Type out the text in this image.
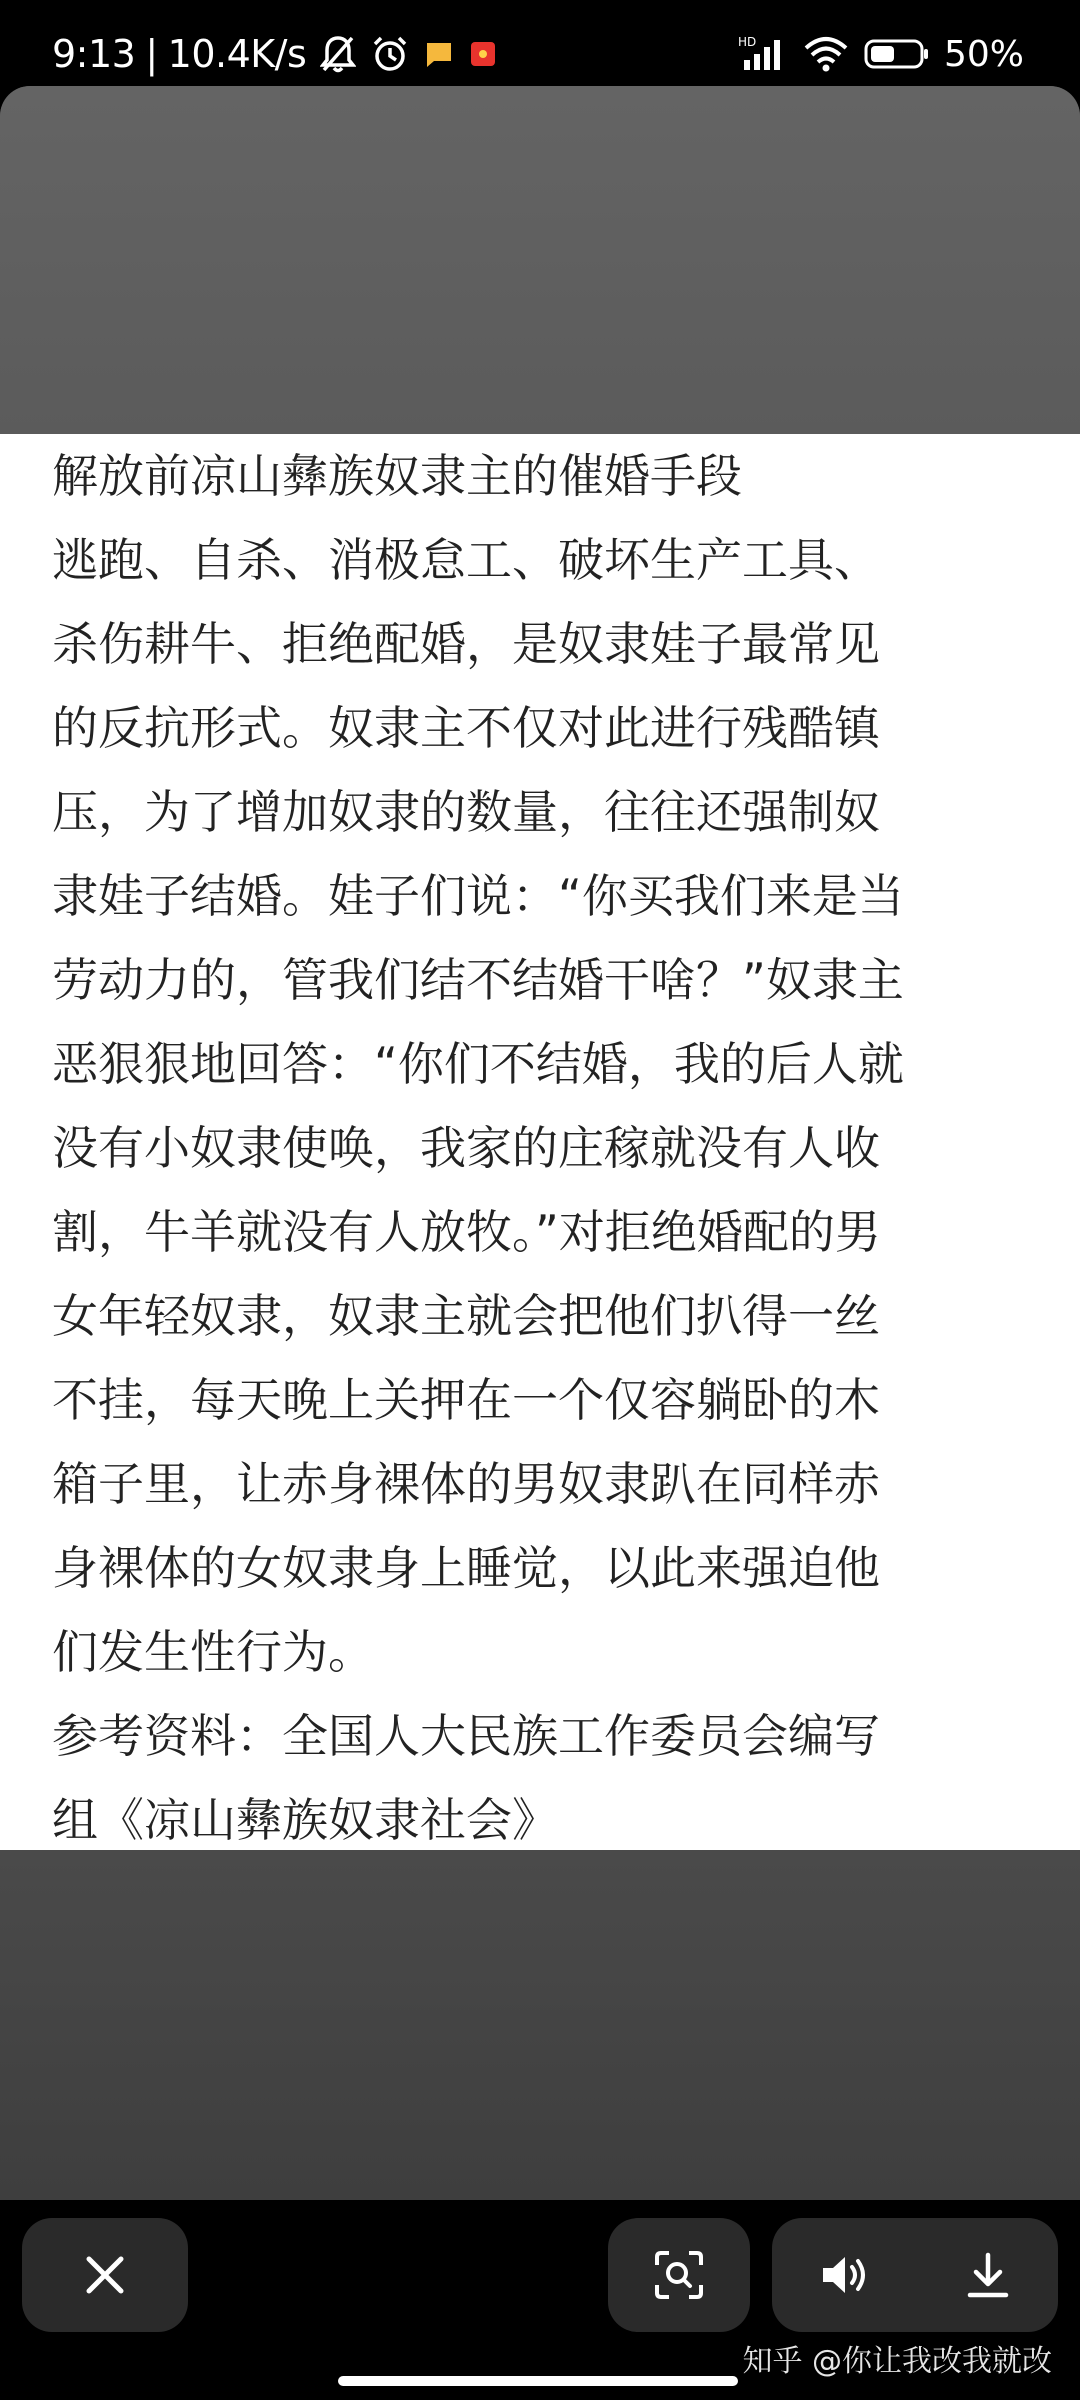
9:13 | 10.4K/s	HD	50%
解放前凉山彝族奴隶主的催婚手段
逃跑、自杀、消极怠工、破坏生产工具、
杀伤耕牛、拒绝配婚，是奴隶娃子最常见
的反抗形式。奴隶主不仅对此进行残酷镇
压，为了增加奴隶的数量，往往还强制奴
隶娃子结婚。娃子们说：“你买我们来是当
劳动力的，管我们结不结婚干啥？”奴隶主
恶狠狠地回答：“你们不结婚，我的后人就
没有小奴隶使唤，我家的庄稼就没有人收
割，牛羊就没有人放牧。”对拒绝婚配的男
女年轻奴隶，奴隶主就会把他们扒得一丝
不挂，每天晚上关押在一个仅容躺卧的木
箱子里，让赤身裸体的男奴隶趴在同样赤
身裸体的女奴隶身上睡觉，以此来强迫他
们发生性行为。
参考资料：全国人大民族工作委员会编写
组《凉山彝族奴隶社会》
知乎 @你让我改我就改
